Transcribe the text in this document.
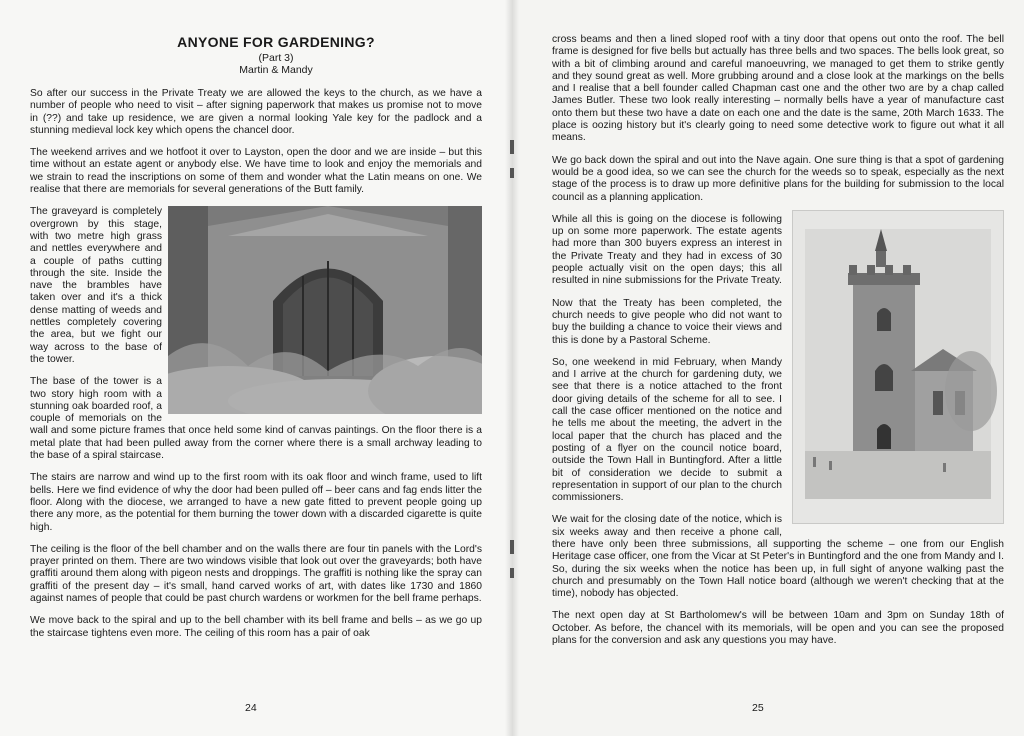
ANYONE FOR GARDENING?
(Part 3)
Martin & Mandy

So after our success in the Private Treaty we are allowed the keys to the church, as we have a number of people who need to visit – after signing paperwork that makes us promise not to move in (??) and take up residence, we are given a normal looking Yale key for the padlock and a stunning medieval lock key which opens the chancel door.

The weekend arrives and we hotfoot it over to Layston, open the door and we are inside – but this time without an estate agent or anybody else. We have time to look and enjoy the memorials and we strain to read the inscriptions on some of them and wonder what the Latin means on one. We realise that there are memorials for several generations of the Butt family.

The graveyard is completely overgrown by this stage, with two metre high grass and nettles everywhere and a couple of paths cutting through the site. Inside the nave the brambles have taken over and it's a thick dense matting of weeds and nettles completely covering the area, but we fight our way across to the base of the tower.

The base of the tower is a two story high room with a stunning oak boarded roof, a couple of memorials on the wall and some picture frames that once held some kind of canvas paintings. On the floor there is a metal plate that had been pulled away from the corner where there is a small archway leading to the base of a spiral staircase.

The stairs are narrow and wind up to the first room with its oak floor and winch frame, used to lift bells. Here we find evidence of why the door had been pulled off – beer cans and fag ends litter the floor. Along with the diocese, we arranged to have a new gate fitted to prevent people going up there any more, as the potential for them burning the tower down with a discarded cigarette is quite high.

The ceiling is the floor of the bell chamber and on the walls there are four tin panels with the Lord's prayer printed on them. There are two windows visible that look out over the graveyards; both have graffiti around them along with pigeon nests and droppings. The graffiti is nothing like the spray can graffiti of the present day – it's small, hand carved works of art, with dates like 1730 and 1860 against names of people that could be past church wardens or workmen for the bell frame perhaps.

We move back to the spiral and up to the bell chamber with its bell frame and bells – as we go up the staircase tightens even more. The ceiling of this room has a pair of oak

24

cross beams and then a lined sloped roof with a tiny door that opens out onto the roof. The bell frame is designed for five bells but actually has three bells and two spaces. The bells look great, so with a bit of climbing around and careful manoeuvring, we managed to get them to strike gently and they sound great as well. More grubbing around and a close look at the markings on the bells and I realise that a bell founder called Chapman cast one and the other two are by a chap called James Butler. These two look really interesting – normally bells have a year of manufacture cast onto them but these two have a date on each one and the date is the same, 20th March 1633. The place is oozing history but it's clearly going to need some detective work to figure out what it all means.

We go back down the spiral and out into the Nave again. One sure thing is that a spot of gardening would be a good idea, so we can see the church for the weeds so to speak, especially as the next stage of the process is to draw up more definitive plans for the building for submission to the local council as a planning application.

While all this is going on the diocese is following up on some more paperwork. The estate agents had more than 300 buyers express an interest in the Private Treaty and they had in excess of 30 people actually visit on the open days; this all resulted in nine submissions for the Private Treaty.

Now that the Treaty has been completed, the church needs to give people who did not want to buy the building a chance to voice their views and this is done by a Pastoral Scheme.

So, one weekend in mid February, when Mandy and I arrive at the church for gardening duty, we see that there is a notice attached to the front door giving details of the scheme for all to see. I call the case officer mentioned on the notice and he tells me about the meeting, the advert in the local paper that the church has placed and the posting of a flyer on the council notice board, outside the Town Hall in Buntingford. After a little bit of consideration we decide to submit a representation in support of our plan to the church commissioners.

We wait for the closing date of the notice, which is six weeks away and then receive a phone call, there have only been three submissions, all supporting the scheme – one from our English Heritage case officer, one from the Vicar at St Peter's in Buntingford and the one from Mandy and I. So, during the six weeks when the notice has been up, in full sight of anyone walking past the church and presumably on the Town Hall notice board (although we weren't checking that at the time), nobody has objected.

The next open day at St Bartholomew's will be between 10am and 3pm on Sunday 18th of October. As before, the chancel with its memorials, will be open and you can see the proposed plans for the conversion and ask any questions you may have.

25
